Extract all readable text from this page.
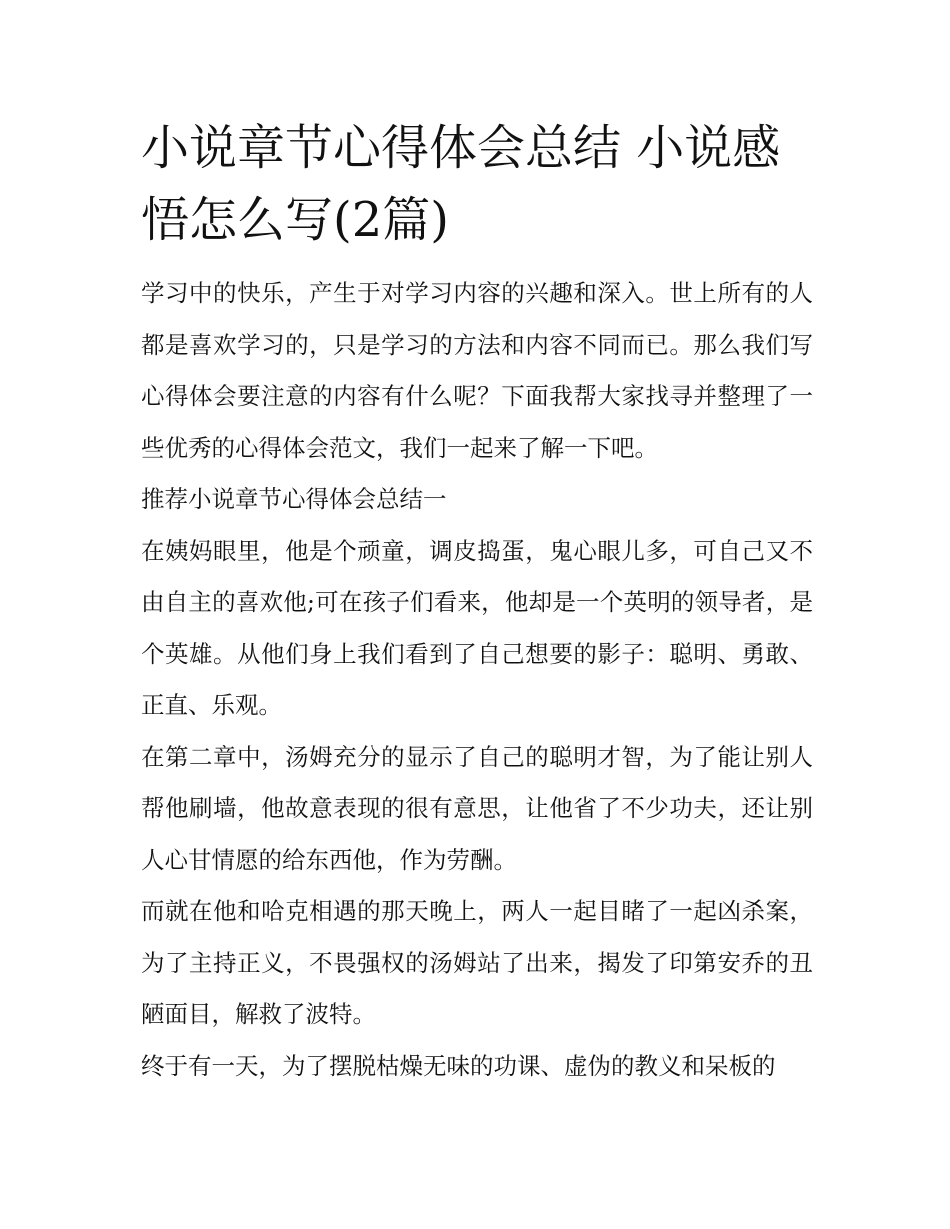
小说章节心得体会总结 小说感悟怎么写(2篇)

学习中的快乐，产生于对学习内容的兴趣和深入。世上所有的人都是喜欢学习的，只是学习的方法和内容不同而已。那么我们写心得体会要注意的内容有什么呢？下面我帮大家找寻并整理了一些优秀的心得体会范文，我们一起来了解一下吧。

推荐小说章节心得体会总结一

在姨妈眼里，他是个顽童，调皮捣蛋，鬼心眼儿多，可自己又不由自主的喜欢他;可在孩子们看来，他却是一个英明的领导者，是个英雄。从他们身上我们看到了自己想要的影子：聪明、勇敢、正直、乐观。

在第二章中，汤姆充分的显示了自己的聪明才智，为了能让别人帮他刷墙，他故意表现的很有意思，让他省了不少功夫，还让别人心甘情愿的给东西他，作为劳酬。

而就在他和哈克相遇的那天晚上，两人一起目睹了一起凶杀案，为了主持正义，不畏强权的汤姆站了出来，揭发了印第安乔的丑陋面目，解救了波特。

终于有一天，为了摆脱枯燥无味的功课、虚伪的教义和呆板的
